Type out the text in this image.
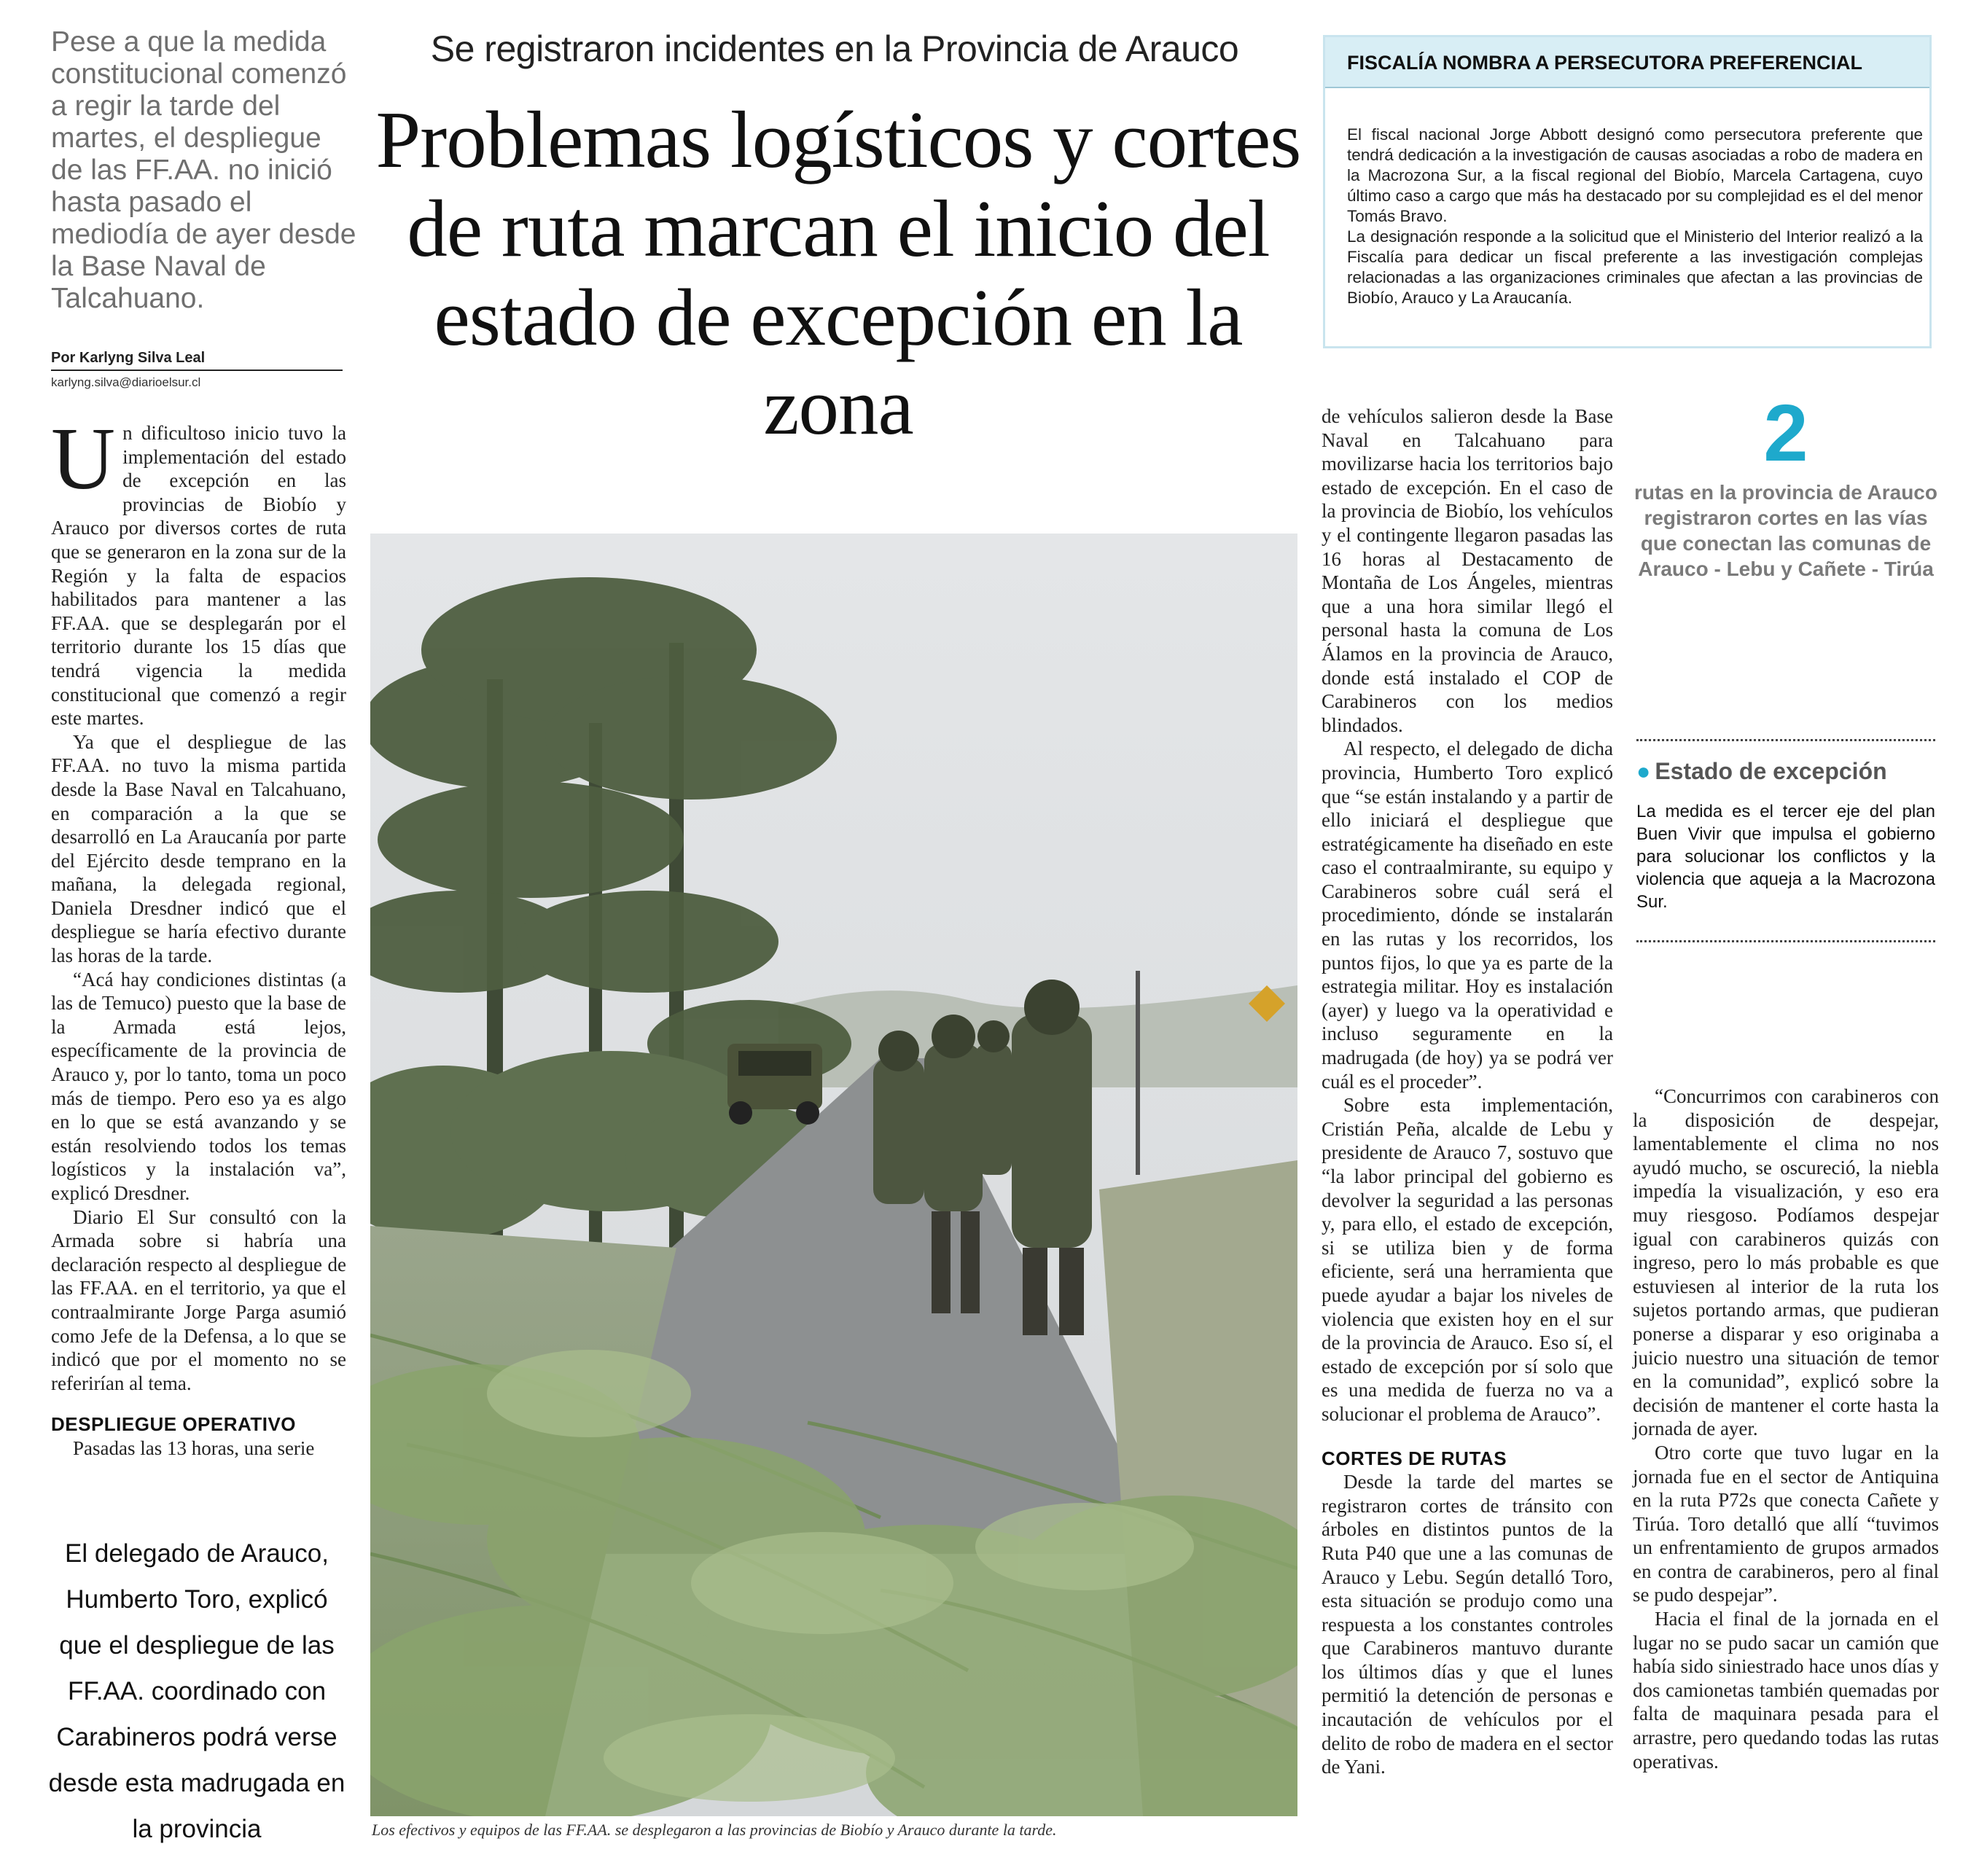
Pese a que la medida constitucional comenzó a regir la tarde del martes, el despliegue de las FF.AA. no inició hasta pasado el mediodía de ayer desde la Base Naval de Talcahuano.
Por Karlyng Silva Leal
karlyng.silva@diarioelsur.cl

Un dificultoso inicio tuvo la implementación del estado de excepción en las provincias de Biobío y Arauco por diversos cortes de ruta que se generaron en la zona sur de la Región y la falta de espacios habilitados para mantener a las FF.AA. que se desplegarán por el territorio durante los 15 días que tendrá vigencia la medida constitucional que comenzó a regir este martes.

Ya que el despliegue de las FF.AA. no tuvo la misma partida desde la Base Naval en Talcahuano, en comparación a la que se desarrolló en La Araucanía por parte del Ejército desde temprano en la mañana, la delegada regional, Daniela Dresdner indicó que el despliegue se haría efectivo durante las horas de la tarde.

“Acá hay condiciones distintas (a las de Temuco) puesto que la base de la Armada está lejos, específicamente de la provincia de Arauco y, por lo tanto, toma un poco más de tiempo. Pero eso ya es algo en lo que se está avanzando y se están resolviendo todos los temas logísticos y la instalación va”, explicó Dresdner.

Diario El Sur consultó con la Armada sobre si habría una declaración respecto al despliegue de las FF.AA. en el territorio, ya que el contraalmirante Jorge Parga asumió como Jefe de la Defensa, a lo que se indicó que por el momento no se referirían al tema.

DESPLIEGUE OPERATIVO

Pasadas las 13 horas, una serie

El delegado de Arauco, Humberto Toro, explicó que el despliegue de las FF.AA. coordinado con Carabineros podrá verse desde esta madrugada en la provincia
Se registraron incidentes en la Provincia de Arauco
Problemas logísticos y cortes de ruta marcan el inicio del estado de excepción en la zona
Los efectivos y equipos de las FF.AA. se desplegaron a las provincias de Biobío y Arauco durante la tarde.
FISCALÍA NOMBRA A PERSECUTORA PREFERENCIAL

El fiscal nacional Jorge Abbott designó como persecutora preferente que tendrá dedicación a la investigación de causas asociadas a robo de madera en la Macrozona Sur, a la fiscal regional del Biobío, Marcela Cartagena, cuyo último caso a cargo que más ha destacado por su complejidad es el del menor Tomás Bravo.

La designación responde a la solicitud que el Ministerio del Interior realizó a la Fiscalía para dedicar un fiscal preferente a las investigación complejas relacionadas a las organizaciones criminales que afectan a las provincias de Biobío, Arauco y La Araucanía.

de vehículos salieron desde la Base Naval en Talcahuano para movilizarse hacia los territorios bajo estado de excepción. En el caso de la provincia de Biobío, los vehículos y el contingente llegaron pasadas las 16 horas al Destacamento de Montaña de Los Ángeles, mientras que a una hora similar llegó el personal hasta la comuna de Los Álamos en la provincia de Arauco, donde está instalado el COP de Carabineros con los medios blindados.

Al respecto, el delegado de dicha provincia, Humberto Toro explicó que “se están instalando y a partir de ello iniciará el despliegue que estratégicamente ha diseñado en este caso el contraalmirante, su equipo y Carabineros sobre cuál será el procedimiento, dónde se instalarán en las rutas y los recorridos, los puntos fijos, lo que ya es parte de la estrategia militar. Hoy es instalación (ayer) y luego va la operatividad e incluso seguramente en la madrugada (de hoy) ya se podrá ver cuál es el proceder”.

Sobre esta implementación, Cristián Peña, alcalde de Lebu y presidente de Arauco 7, sostuvo que “la labor principal del gobierno es devolver la seguridad a las personas y, para ello, el estado de excepción, si se utiliza bien y de forma eficiente, será una herramienta que puede ayudar a bajar los niveles de violencia que existen hoy en el sur de la provincia de Arauco. Eso sí, el estado de excepción por sí solo que es una medida de fuerza no va a solucionar el problema de Arauco”.

CORTES DE RUTAS

Desde la tarde del martes se registraron cortes de tránsito con árboles en distintos puntos de la Ruta P40 que une a las comunas de Arauco y Lebu. Según detalló Toro, esta situación se produjo como una respuesta a los constantes controles que Carabineros mantuvo durante los últimos días y que el lunes permitió la detención de personas e incautación de vehículos por el delito de robo de madera en el sector de Yani.

2
rutas en la provincia de Arauco registraron cortes en las vías que conectan las comunas de Arauco - Lebu y Cañete - Tirúa
● Estado de excepción
La medida es el tercer eje del plan Buen Vivir que impulsa el gobierno para solucionar los conflictos y la violencia que aqueja a la Macrozona Sur.

“Concurrimos con carabineros con la disposición de despejar, lamentablemente el clima no nos ayudó mucho, se oscureció, la niebla impedía la visualización, y eso era muy riesgoso. Podíamos despejar igual con carabineros quizás con ingreso, pero lo más probable es que estuviesen al interior de la ruta los sujetos portando armas, que pudieran ponerse a disparar y eso originaba a juicio nuestro una situación de temor en la comunidad”, explicó sobre la decisión de mantener el corte hasta la jornada de ayer.

Otro corte que tuvo lugar en la jornada fue en el sector de Antiquina en la ruta P72s que conecta Cañete y Tirúa. Toro detalló que allí “tuvimos un enfrentamiento de grupos armados en contra de carabineros, pero al final se pudo despejar”.

Hacia el final de la jornada en el lugar no se pudo sacar un camión que había sido siniestrado hace unos días y dos camionetas también quemadas por falta de maquinara pesada para el arrastre, pero quedando todas las rutas operativas.
